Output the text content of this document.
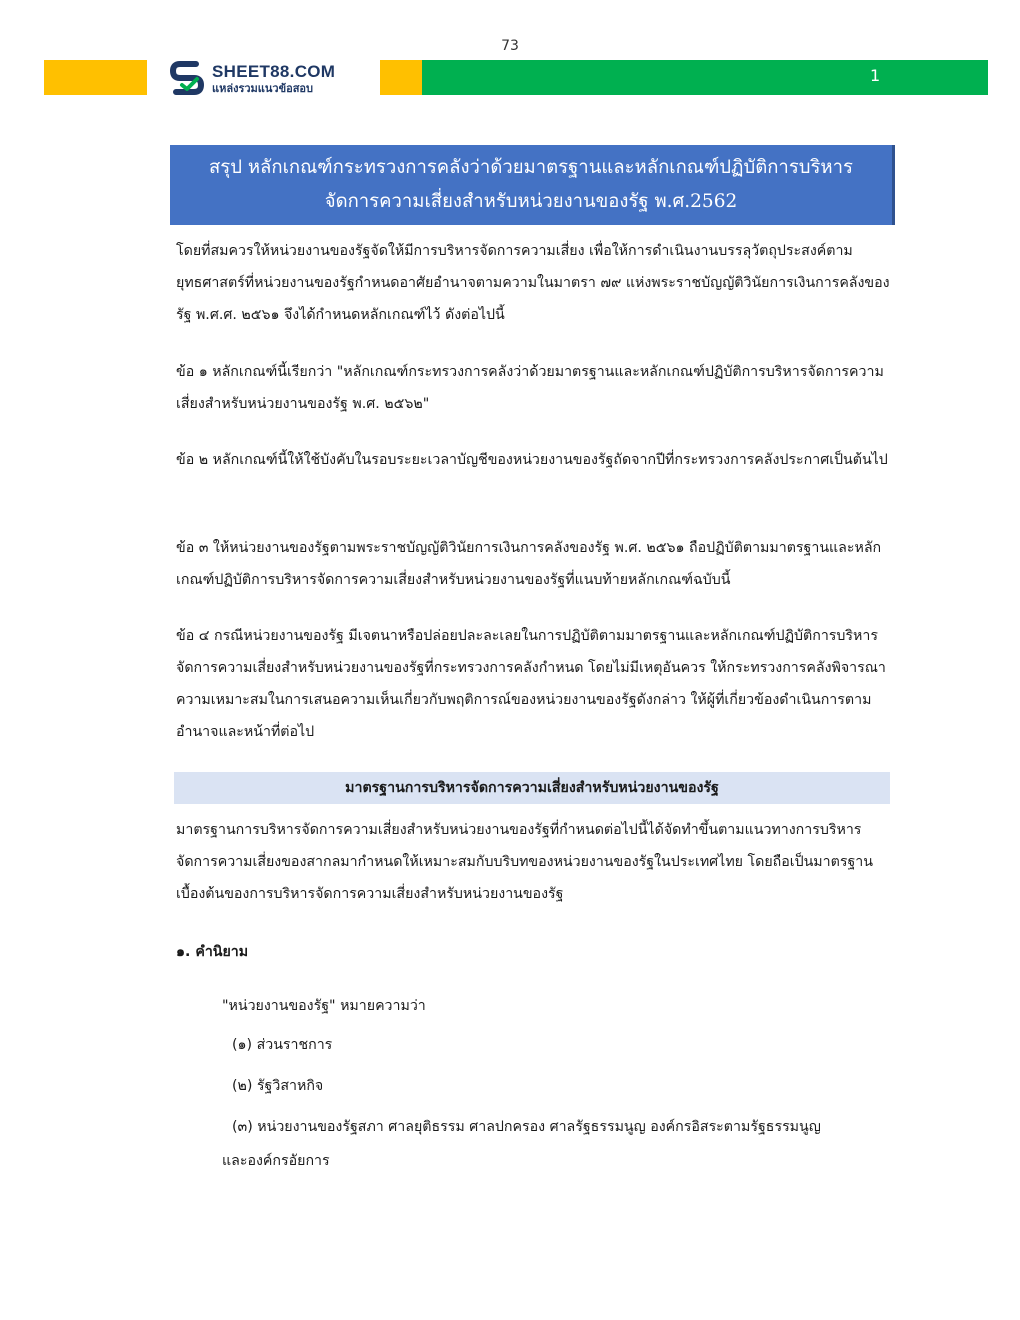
73
1
SHEET88.COM
แหล่งรวมแนวข้อสอบ
สรุป หลักเกณฑ์กระทรวงการคลังว่าด้วยมาตรฐานและหลักเกณฑ์ปฏิบัติการบริหาร
จัดการความเสี่ยงสำหรับหน่วยงานของรัฐ พ.ศ.2562
โดยที่สมควรให้หน่วยงานของรัฐจัดให้มีการบริหารจัดการความเสี่ยง เพื่อให้การดำเนินงานบรรลุวัตถุประสงค์ตามยุทธศาสตร์ที่หน่วยงานของรัฐกำหนดอาศัยอำนาจตามความในมาตรา ๗๙ แห่งพระราชบัญญัติวินัยการเงินการคลังของรัฐ พ.ศ.ศ. ๒๕๖๑ จึงได้กำหนดหลักเกณฑ์ไว้ ดังต่อไปนี้
ข้อ ๑ หลักเกณฑ์นี้เรียกว่า "หลักเกณฑ์กระทรวงการคลังว่าด้วยมาตรฐานและหลักเกณฑ์ปฏิบัติการบริหารจัดการความเสี่ยงสำหรับหน่วยงานของรัฐ พ.ศ. ๒๕๖๒"
ข้อ ๒ หลักเกณฑ์นี้ให้ใช้บังคับในรอบระยะเวลาบัญชีของหน่วยงานของรัฐถัดจากปีที่กระทรวงการคลังประกาศเป็นต้นไป
ข้อ ๓ ให้หน่วยงานของรัฐตามพระราชบัญญัติวินัยการเงินการคลังของรัฐ พ.ศ. ๒๕๖๑ ถือปฏิบัติตามมาตรฐานและหลักเกณฑ์ปฏิบัติการบริหารจัดการความเสี่ยงสำหรับหน่วยงานของรัฐที่แนบท้ายหลักเกณฑ์ฉบับนี้
ข้อ ๔ กรณีหน่วยงานของรัฐ มีเจตนาหรือปล่อยปละละเลยในการปฏิบัติตามมาตรฐานและหลักเกณฑ์ปฏิบัติการบริหารจัดการความเสี่ยงสำหรับหน่วยงานของรัฐที่กระทรวงการคลังกำหนด โดยไม่มีเหตุอันควร ให้กระทรวงการคลังพิจารณาความเหมาะสมในการเสนอความเห็นเกี่ยวกับพฤติการณ์ของหน่วยงานของรัฐดังกล่าว ให้ผู้ที่เกี่ยวข้องดำเนินการตามอำนาจและหน้าที่ต่อไป
มาตรฐานการบริหารจัดการความเสี่ยงสำหรับหน่วยงานของรัฐ
มาตรฐานการบริหารจัดการความเสี่ยงสำหรับหน่วยงานของรัฐที่กำหนดต่อไปนี้ได้จัดทำขึ้นตามแนวทางการบริหารจัดการความเสี่ยงของสากลมากำหนดให้เหมาะสมกับบริบทของหน่วยงานของรัฐในประเทศไทย โดยถือเป็นมาตรฐานเบื้องต้นของการบริหารจัดการความเสี่ยงสำหรับหน่วยงานของรัฐ
๑. คำนิยาม
"หน่วยงานของรัฐ" หมายความว่า
(๑) ส่วนราชการ
(๒) รัฐวิสาหกิจ
(๓) หน่วยงานของรัฐสภา ศาลยุติธรรม ศาลปกครอง ศาลรัฐธรรมนูญ องค์กรอิสระตามรัฐธรรมนูญ
และองค์กรอัยการ
